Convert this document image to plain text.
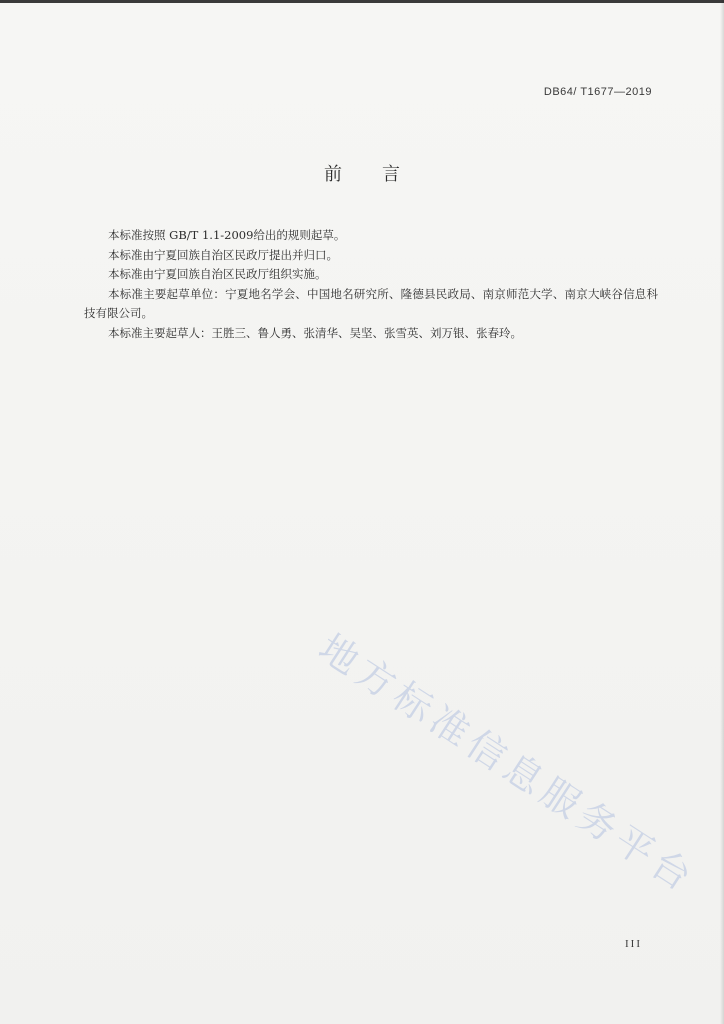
DB64/ T1677—2019
前言

本标准按照 GB/T 1.1-2009给出的规则起草。

本标准由宁夏回族自治区民政厅提出并归口。

本标准由宁夏回族自治区民政厅组织实施。

本标准主要起草单位：宁夏地名学会、中国地名研究所、隆德县民政局、南京师范大学、南京大峡谷信息科技有限公司。

本标准主要起草人：王胜三、鲁人勇、张清华、吴坚、张雪英、刘万银、张春玲。

地方标准信息服务平台
III
